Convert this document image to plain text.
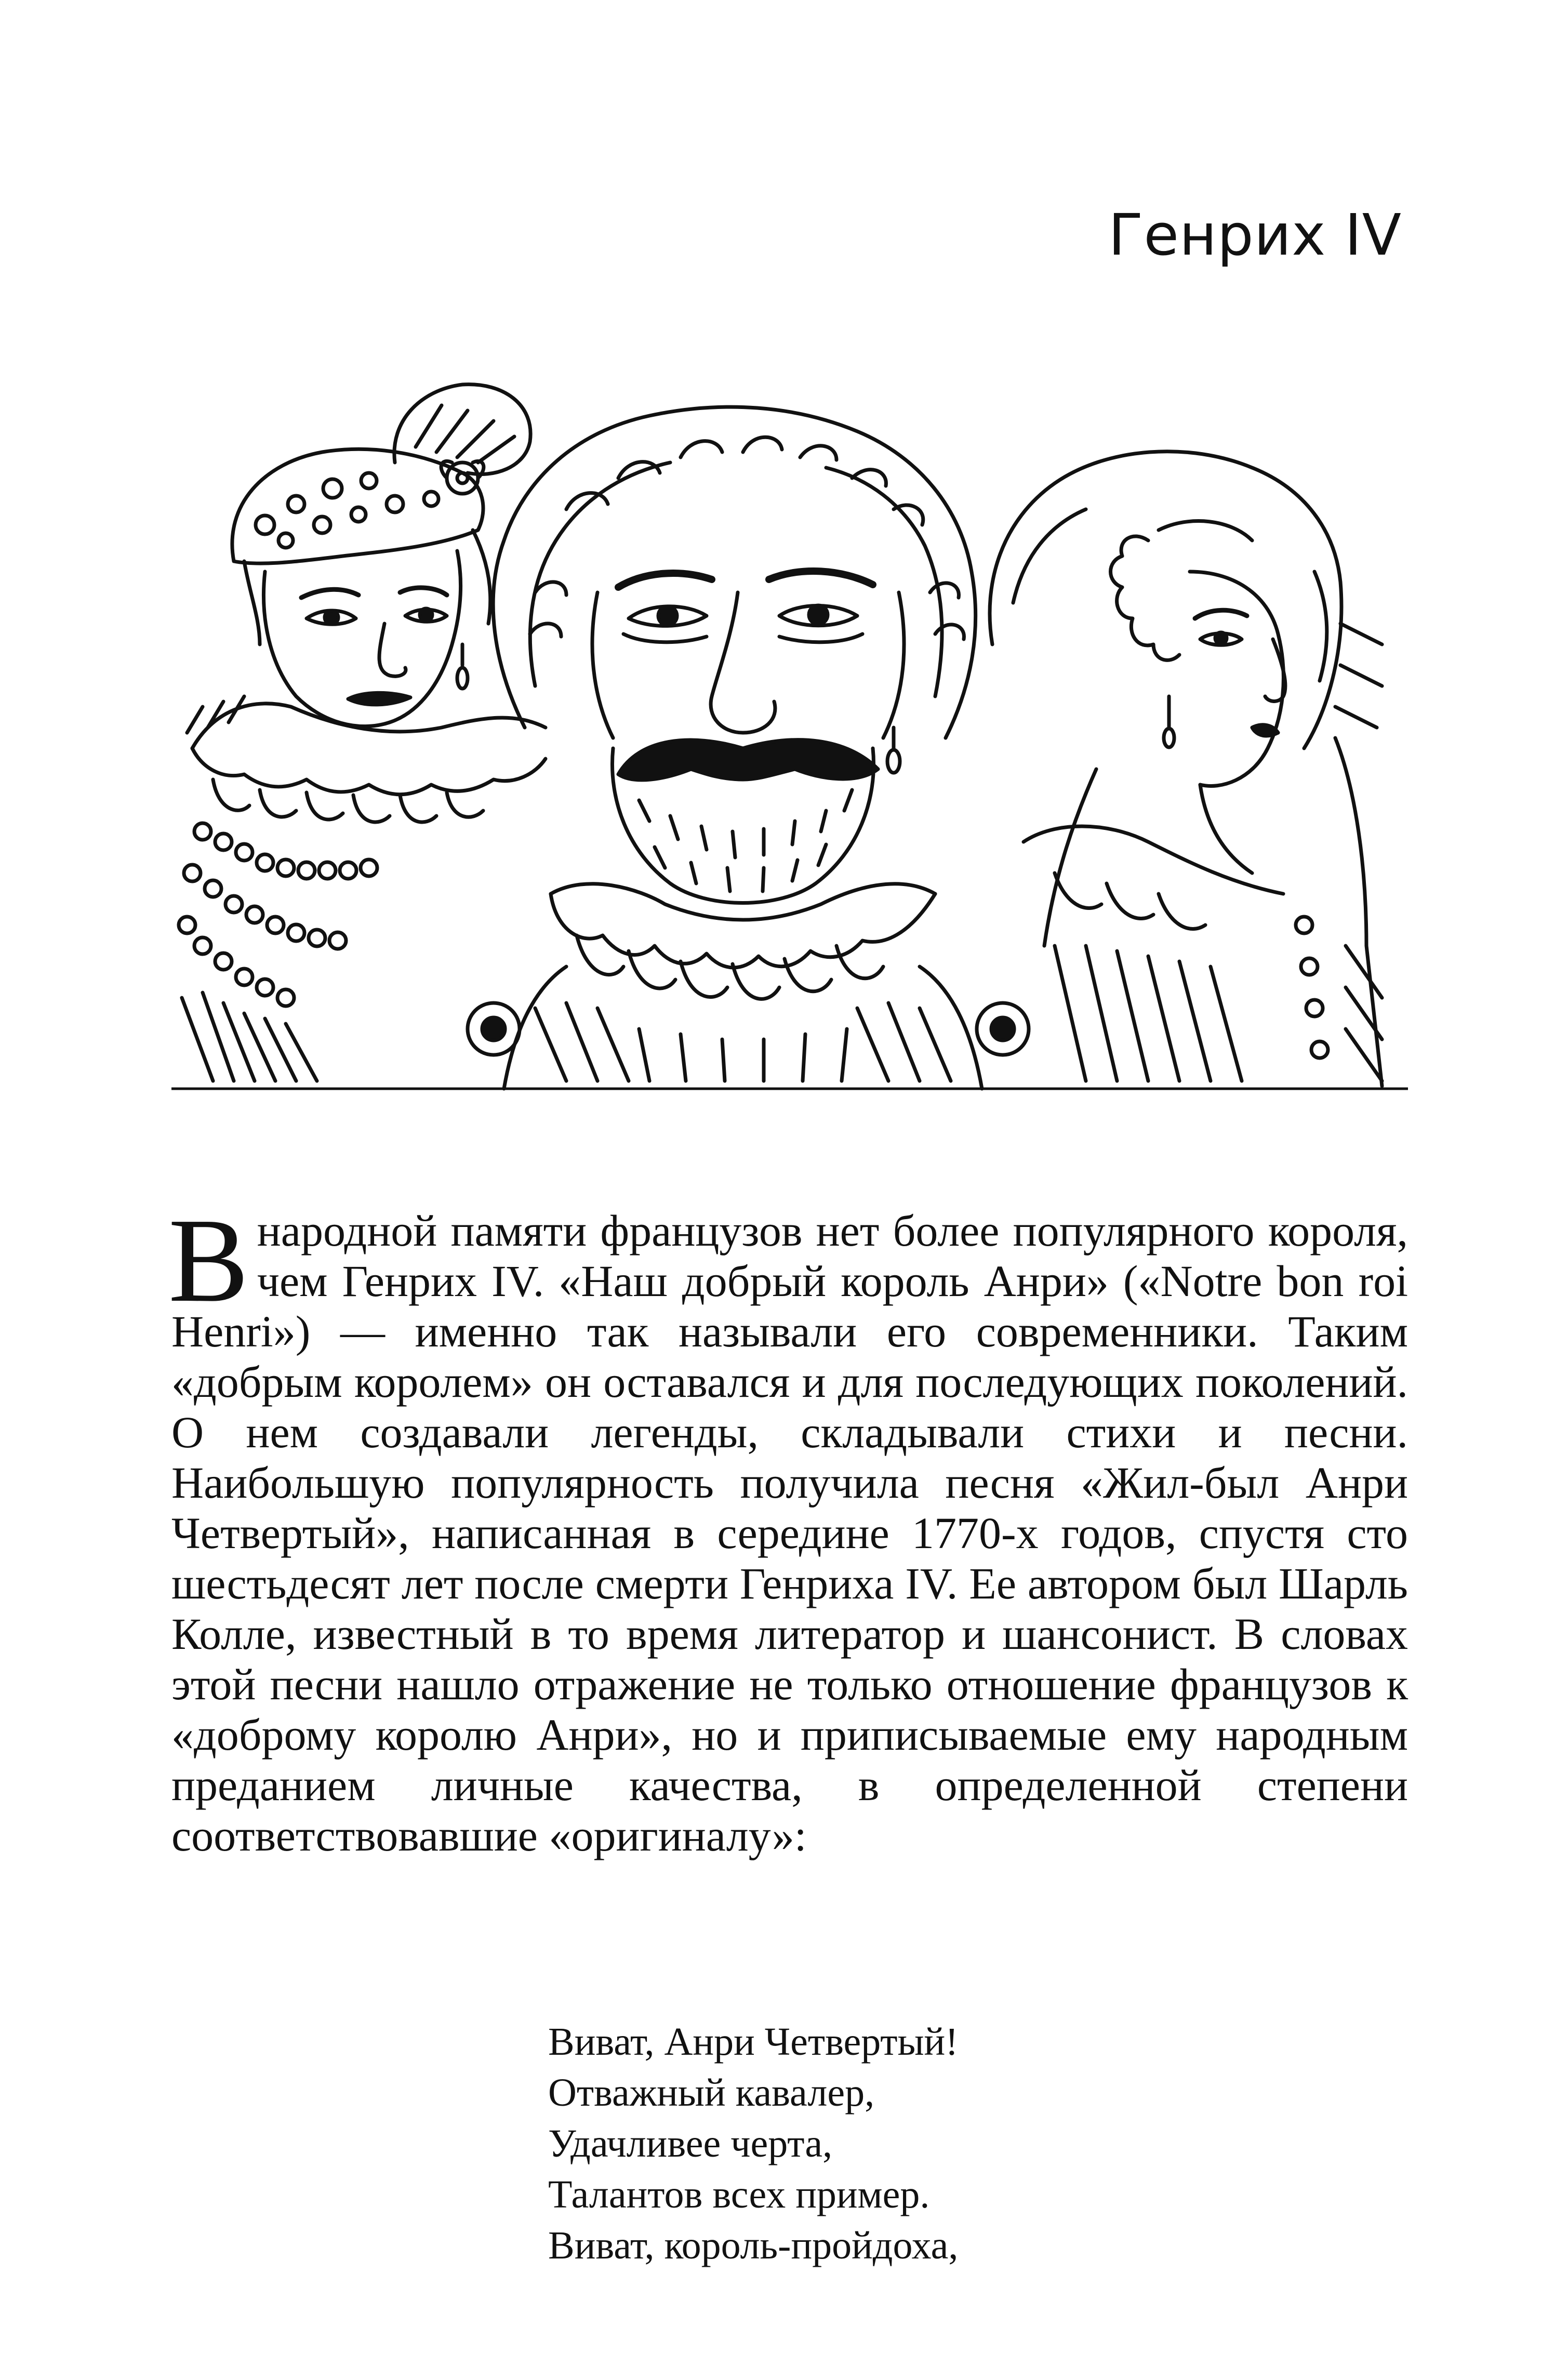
Генрих IV
В народной памяти французов нет более популярного короля, чем Генрих IV. «Наш добрый король Анри» («Notre bon roi Henri») — именно так называли его современники. Таким «добрым королем» он оставался и для последующих поколений. О нем создавали легенды, складывали стихи и песни. Наибольшую популярность получила песня «Жил-был Анри Четвертый», написанная в середине 1770-х годов, спустя сто шестьдесят лет после смерти Генриха IV. Ее автором был Шарль Колле, известный в то время литератор и шансонист. В словах этой песни нашло отражение не только отношение французов к «доброму королю Анри», но и приписываемые ему народным преданием личные качества, в определенной степени соответствовавшие «оригиналу»:
Виват, Анри Четвертый!
Отважный кавалер,
Удачливее черта,
Талантов всех пример.
Виват, король-пройдоха,
